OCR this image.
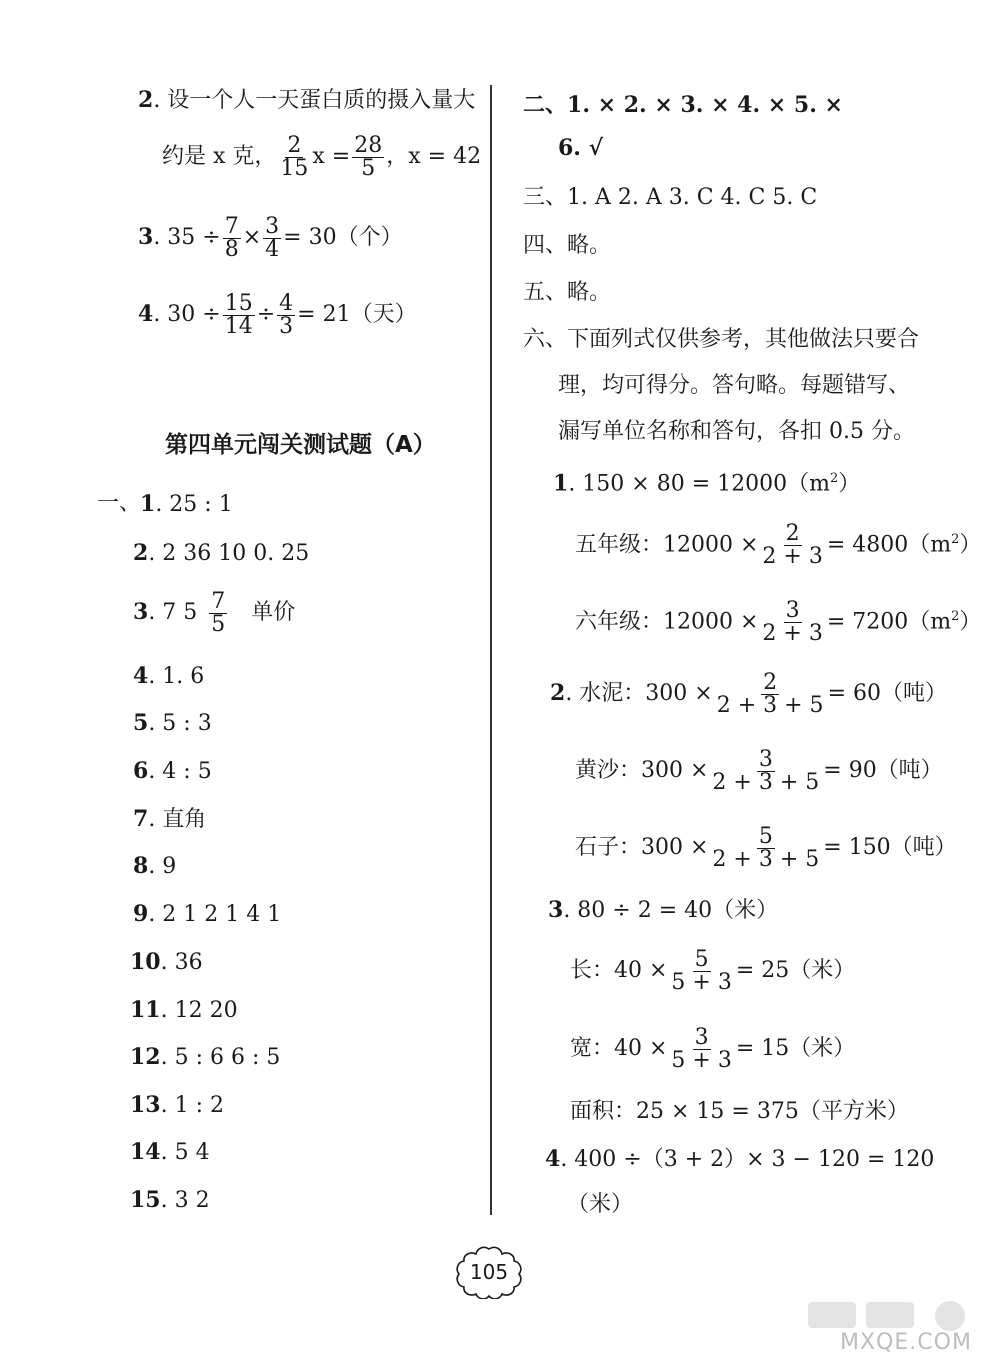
2. 设一个人一天蛋白质的摄入量大
约是 x 克， $\frac{2}{15}$ $x = \frac{28}{5}$ ，x = 42
3. $35 \div \frac{7}{8} \times \frac{3}{4} = 30$（个）
4. $30 \div \frac{15}{14} \div \frac{4}{3} = 21$（天）
第四单元闯关测试题（A）
一、
1. 25 : 1
2. 2 36 10 0. 25
3. 7 $5 \frac{7}{5}$ 单价
4. 1. 6
5. 5 : 3
6. 4 : 5
7. 直角
8. 9
9. 2 1 2 1 4 1
10. 36
11. 12 20
12. 5 : 6 6 : 5
13. 1 : 2
14. 5 4
15. 3 2
二、1. × 2. × 3. × 4. × 5. ×
6. √
三、1. A 2. A 3. C 4. C 5. C
四、略。
五、略。
六、下面列式仅供参考，其他做法只要合
理，均可得分。答句略。每题错写、
漏写单位名称和答句，各扣 0.5 分。
1. $150 \times 80 = 12000(m^2)$
五年级：$12000 \times \frac{2}{2 + 3} = 4800(m^2)$
六年级：$12000 \times \frac{3}{2 + 3} = 7200(m^2)$
2. 水泥：$300 \times \frac{2}{2 + 3 + 5} = 60$（吨）
黄沙：$300 \times \frac{3}{2 + 3 + 5} = 90$（吨）
石子：$300 \times \frac{5}{2 + 3 + 5} = 150$（吨）
3. 80 ÷ 2 = 40（米）
长：$40 \times \frac{5}{5 + 3} = 25$（米）
宽：$40 \times \frac{3}{5 + 3} = 15$（米）
面积：25 × 15 = 375（平方米）
4. 400 ÷（3 + 2）× 3 − 120 = 120
（米）
105
MXQE.COM
